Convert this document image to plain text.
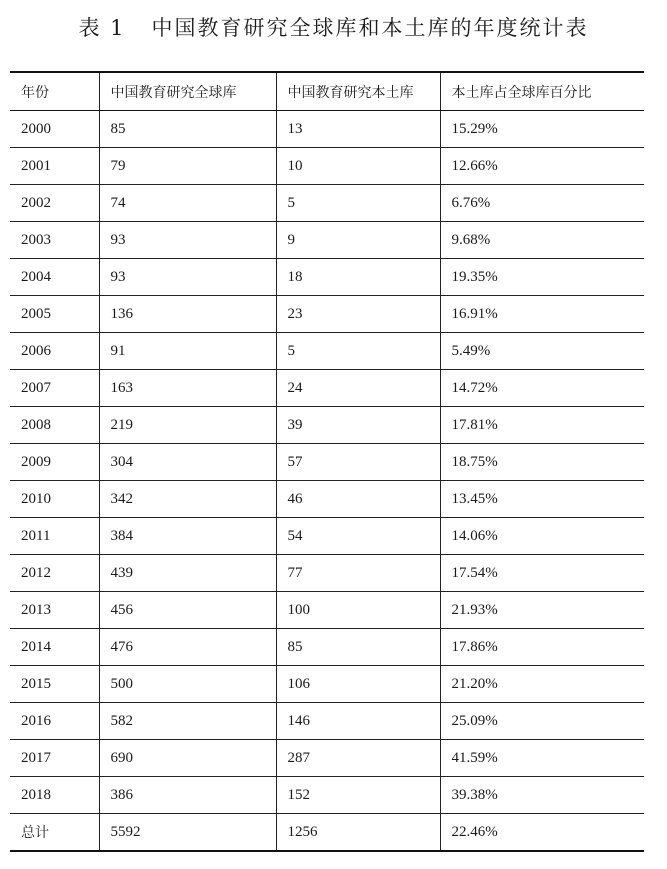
表 1 中国教育研究全球库和本土库的年度统计表
年份	中国教育研究全球库	中国教育研究本土库	本土库占全球库百分比
2000	85	13	15.29%
2001	79	10	12.66%
2002	74	5	6.76%
2003	93	9	9.68%
2004	93	18	19.35%
2005	136	23	16.91%
2006	91	5	5.49%
2007	163	24	14.72%
2008	219	39	17.81%
2009	304	57	18.75%
2010	342	46	13.45%
2011	384	54	14.06%
2012	439	77	17.54%
2013	456	100	21.93%
2014	476	85	17.86%
2015	500	106	21.20%
2016	582	146	25.09%
2017	690	287	41.59%
2018	386	152	39.38%
总计	5592	1256	22.46%
